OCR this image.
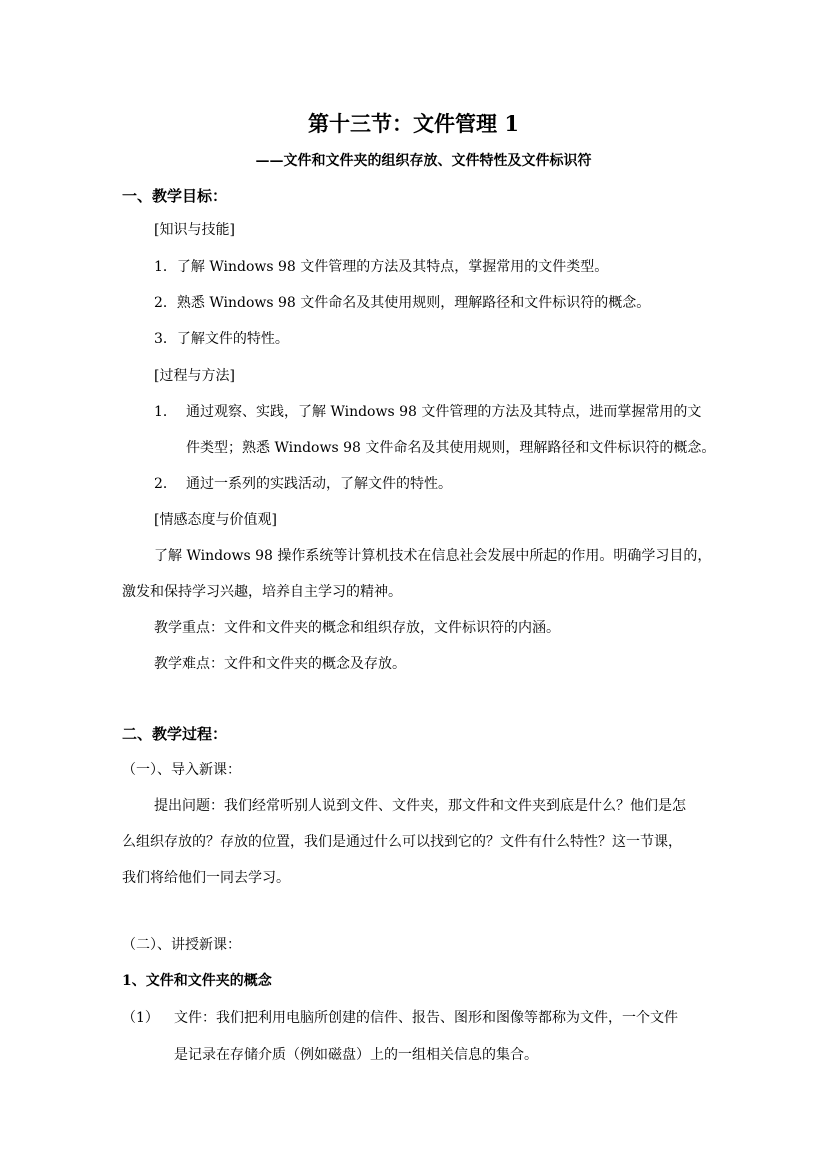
第十三节：文件管理 1
——文件和文件夹的组织存放、文件特性及文件标识符
一、教学目标：
[知识与技能]
1．了解 Windows 98 文件管理的方法及其特点，掌握常用的文件类型。
2．熟悉 Windows 98 文件命名及其使用规则，理解路径和文件标识符的概念。
3．了解文件的特性。
[过程与方法]
1． 通过观察、实践，了解 Windows 98 文件管理的方法及其特点，进而掌握常用的文
件类型；熟悉 Windows 98 文件命名及其使用规则，理解路径和文件标识符的概念。
2． 通过一系列的实践活动，了解文件的特性。
[情感态度与价值观]
了解 Windows 98 操作系统等计算机技术在信息社会发展中所起的作用。明确学习目的，
激发和保持学习兴趣，培养自主学习的精神。
教学重点：文件和文件夹的概念和组织存放，文件标识符的内涵。
教学难点：文件和文件夹的概念及存放。
二、教学过程：
（一）、导入新课：
提出问题：我们经常听别人说到文件、文件夹，那文件和文件夹到底是什么？他们是怎
么组织存放的？存放的位置，我们是通过什么可以找到它的？文件有什么特性？这一节课，
我们将给他们一同去学习。
（二）、讲授新课：
1、文件和文件夹的概念
（1） 文件：我们把利用电脑所创建的信件、报告、图形和图像等都称为文件，一个文件
是记录在存储介质（例如磁盘）上的一组相关信息的集合。
